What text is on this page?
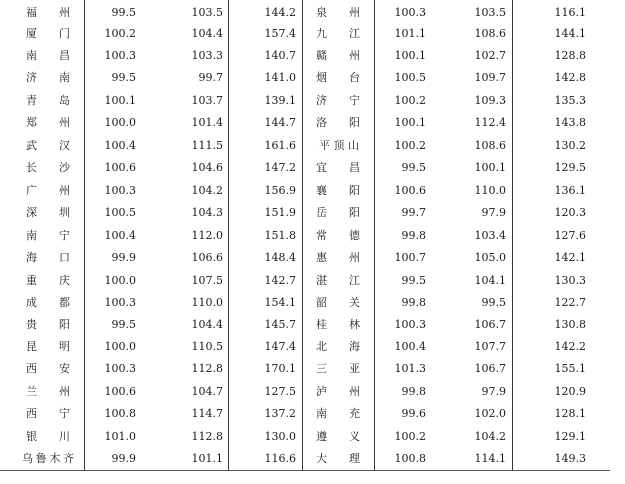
福 州	99.5	103.5	144.2 泉 州	100.3	103.5	116.1
厦 门	100.2	104.4	157.4 九 江	101.1	108.6	144.1
南 昌	100.3	103.3	140.7 赣 州	100.1	102.7	128.8
济 南	99.5	99.7	141.0 烟 台	100.5	109.7	142.8
青 岛	100.1	103.7	139.1 济 宁	100.2	109.3	135.3
郑 州	100.0	101.4	144.7 洛 阳	100.1	112.4	143.8
武 汉	100.4	111.5	161.6 平 顶 山	100.2	108.6	130.2
长 沙	100.6	104.6	147.2 宜 昌	99.5	100.1	129.5
广 州	100.3	104.2	156.9 襄 阳	100.6	110.0	136.1
深 圳	100.5	104.3	151.9 岳 阳	99.7	97.9	120.3
南 宁	100.4	112.0	151.8 常 德	99.8	103.4	127.6
海 口	99.9	106.6	148.4 惠 州	100.7	105.0	142.1
重 庆	100.0	107.5	142.7 湛 江	99.5	104.1	130.3
成 都	100.3	110.0	154.1 韶 关	99.8	99.5	122.7
贵 阳	99.5	104.4	145.7 桂 林	100.3	106.7	130.8
昆 明	100.0	110.5	147.4 北 海	100.4	107.7	142.2
西 安	100.3	112.8	170.1 三 亚	101.3	106.7	155.1
兰 州	100.6	104.7	127.5 泸 州	99.8	97.9	120.9
西 宁	100.8	114.7	137.2 南 充	99.6	102.0	128.1
银 川	101.0	112.8	130.0 遵 义	100.2	104.2	129.1
乌 鲁 木 齐	99.9	101.1	116.6 大 理	100.8	114.1	149.3
